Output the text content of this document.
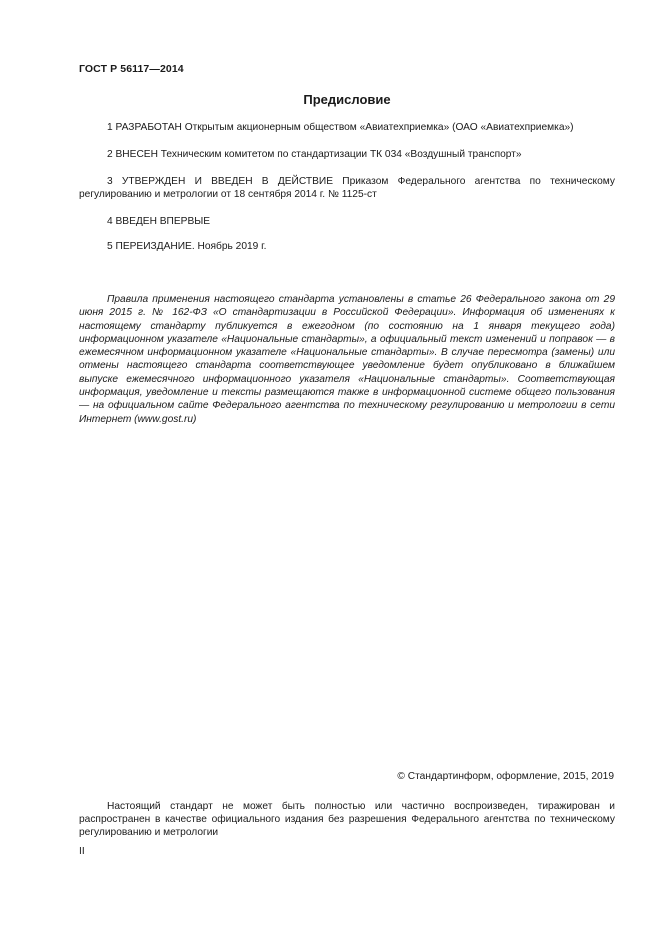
ГОСТ Р 56117—2014
Предисловие
1 РАЗРАБОТАН Открытым акционерным обществом «Авиатехприемка» (ОАО «Авиатехприемка»)
2 ВНЕСЕН Техническим комитетом по стандартизации ТК 034 «Воздушный транспорт»
3 УТВЕРЖДЕН И ВВЕДЕН В ДЕЙСТВИЕ Приказом Федерального агентства по техническому регулированию и метрологии от 18 сентября 2014 г. № 1125-ст
4 ВВЕДЕН ВПЕРВЫЕ
5 ПЕРЕИЗДАНИЕ. Ноябрь 2019 г.
Правила применения настоящего стандарта установлены в статье 26 Федерального закона от 29 июня 2015 г. № 162-ФЗ «О стандартизации в Российской Федерации». Информация об изменениях к настоящему стандарту публикуется в ежегодном (по состоянию на 1 января текущего года) информационном указателе «Национальные стандарты», а официальный текст изменений и поправок — в ежемесячном информационном указателе «Национальные стандарты». В случае пересмотра (замены) или отмены настоящего стандарта соответствующее уведомление будет опубликовано в ближайшем выпуске ежемесячного информационного указателя «Национальные стандарты». Соответствующая информация, уведомление и тексты размещаются также в информационной системе общего пользования — на официальном сайте Федерального агентства по техническому регулированию и метрологии в сети Интернет (www.gost.ru)
© Стандартинформ, оформление, 2015, 2019
Настоящий стандарт не может быть полностью или частично воспроизведен, тиражирован и распространен в качестве официального издания без разрешения Федерального агентства по техническому регулированию и метрологии
II
